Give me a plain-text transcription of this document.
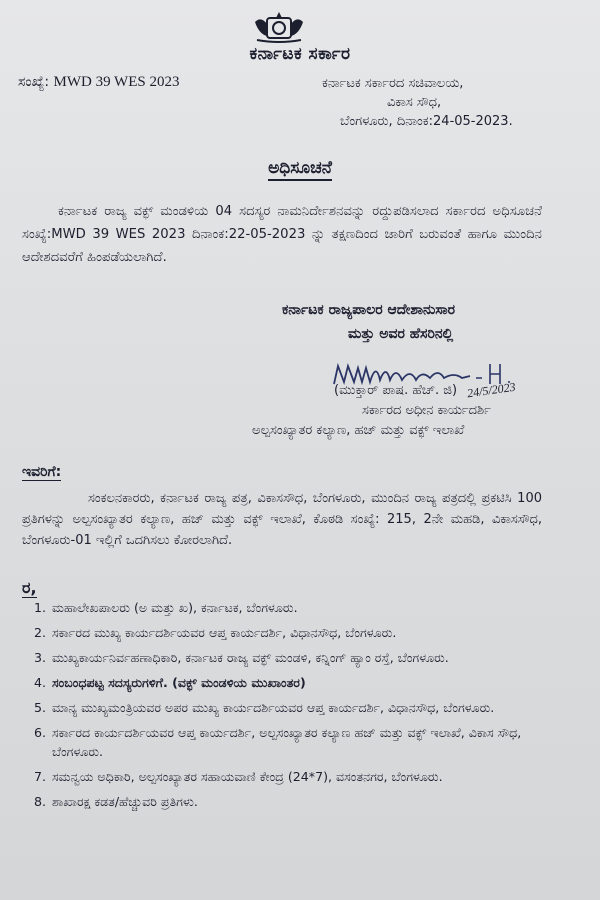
ಕರ್ನಾಟಕ ಸರ್ಕಾರ
ಸಂಖ್ಯೆ: MWD 39 WES 2023	ಕರ್ನಾಟಕ ಸರ್ಕಾರದ ಸಚಿವಾಲಯ,
ವಿಕಾಸ ಸೌಧ,
ಬೆಂಗಳೂರು, ದಿನಾಂಕ:24-05-2023.
ಅಧಿಸೂಚನೆ

ಕರ್ನಾಟಕ ರಾಜ್ಯ ವಕ್ಫ್ ಮಂಡಳಿಯ 04 ಸದಸ್ಯರ ನಾಮನಿರ್ದೇಶನವನ್ನು ರದ್ದುಪಡಿಸಲಾದ ಸರ್ಕಾರದ ಅಧಿಸೂಚನೆ ಸಂಖ್ಯೆ:MWD 39 WES 2023 ದಿನಾಂಕ:22-05-2023 ನ್ನು ತಕ್ಷಣದಿಂದ ಜಾರಿಗೆ ಬರುವಂತೆ ಹಾಗೂ ಮುಂದಿನ ಆದೇಶದವರೆಗೆ ಹಿಂಪಡೆಯಲಾಗಿದೆ.

ಕರ್ನಾಟಕ ರಾಜ್ಯಪಾಲರ ಆದೇಶಾನುಸಾರ
ಮತ್ತು ಅವರ ಹೆಸರಿನಲ್ಲಿ
(ಮುಕ್ತಾರ್ ಪಾಷ. ಹೆಚ್. ಜಿ) 24/5/2023
ಸರ್ಕಾರದ ಅಧೀನ ಕಾರ್ಯದರ್ಶಿ
ಅಲ್ಪಸಂಖ್ಯಾತರ ಕಲ್ಯಾಣ, ಹಜ್ ಮತ್ತು ವಕ್ಫ್ ಇಲಾಖೆ
ಇವರಿಗೆ:

ಸಂಕಲನಕಾರರು, ಕರ್ನಾಟಕ ರಾಜ್ಯ ಪತ್ರ, ವಿಕಾಸಸೌಧ, ಬೆಂಗಳೂರು, ಮುಂದಿನ ರಾಜ್ಯ ಪತ್ರದಲ್ಲಿ ಪ್ರಕಟಿಸಿ 100 ಪ್ರತಿಗಳನ್ನು ಅಲ್ಪಸಂಖ್ಯಾತರ ಕಲ್ಯಾಣ, ಹಜ್ ಮತ್ತು ವಕ್ಫ್ ಇಲಾಖೆ, ಕೊಠಡಿ ಸಂಖ್ಯೆ: 215, 2ನೇ ಮಹಡಿ, ವಿಕಾಸಸೌಧ, ಬೆಂಗಳೂರು-01 ಇಲ್ಲಿಗೆ ಒದಗಿಸಲು ಕೋರಲಾಗಿದೆ.

ರ,
1. ಮಹಾಲೇಖಪಾಲರು (ಅ ಮತ್ತು ಖ), ಕರ್ನಾಟಕ, ಬೆಂಗಳೂರು.
2. ಸರ್ಕಾರದ ಮುಖ್ಯ ಕಾರ್ಯದರ್ಶಿಯವರ ಆಪ್ತ ಕಾರ್ಯದರ್ಶಿ, ವಿಧಾನಸೌಧ, ಬೆಂಗಳೂರು.
3. ಮುಖ್ಯಕಾರ್ಯನಿರ್ವಹಣಾಧಿಕಾರಿ, ಕರ್ನಾಟಕ ರಾಜ್ಯ ವಕ್ಫ್ ಮಂಡಳಿ, ಕನ್ನಿಂಗ್ ಹ್ಯಾಂ ರಸ್ತೆ, ಬೆಂಗಳೂರು.
4. ಸಂಬಂಧಪಟ್ಟ ಸದಸ್ಯರುಗಳಿಗೆ. (ವಕ್ಫ್ ಮಂಡಳಿಯ ಮುಖಾಂತರ)
5. ಮಾನ್ಯ ಮುಖ್ಯಮಂತ್ರಿಯವರ ಅಪರ ಮುಖ್ಯ ಕಾರ್ಯದರ್ಶಿಯವರ ಆಪ್ತ ಕಾರ್ಯದರ್ಶಿ, ವಿಧಾನಸೌಧ, ಬೆಂಗಳೂರು.
6. ಸರ್ಕಾರದ ಕಾರ್ಯದರ್ಶಿಯವರ ಆಪ್ತ ಕಾರ್ಯದರ್ಶಿ, ಅಲ್ಪಸಂಖ್ಯಾತರ ಕಲ್ಯಾಣ ಹಜ್ ಮತ್ತು ವಕ್ಫ್ ಇಲಾಖೆ, ವಿಕಾಸ ಸೌಧ, ಬೆಂಗಳೂರು.
7. ಸಮನ್ವಯ ಅಧಿಕಾರಿ, ಅಲ್ಪಸಂಖ್ಯಾತರ ಸಹಾಯವಾಣಿ ಕೇಂದ್ರ (24*7), ವಸಂತನಗರ, ಬೆಂಗಳೂರು.
8. ಶಾಖಾರಕ್ಷ ಕಡತ/ಹೆಚ್ಚುವರಿ ಪ್ರತಿಗಳು.
